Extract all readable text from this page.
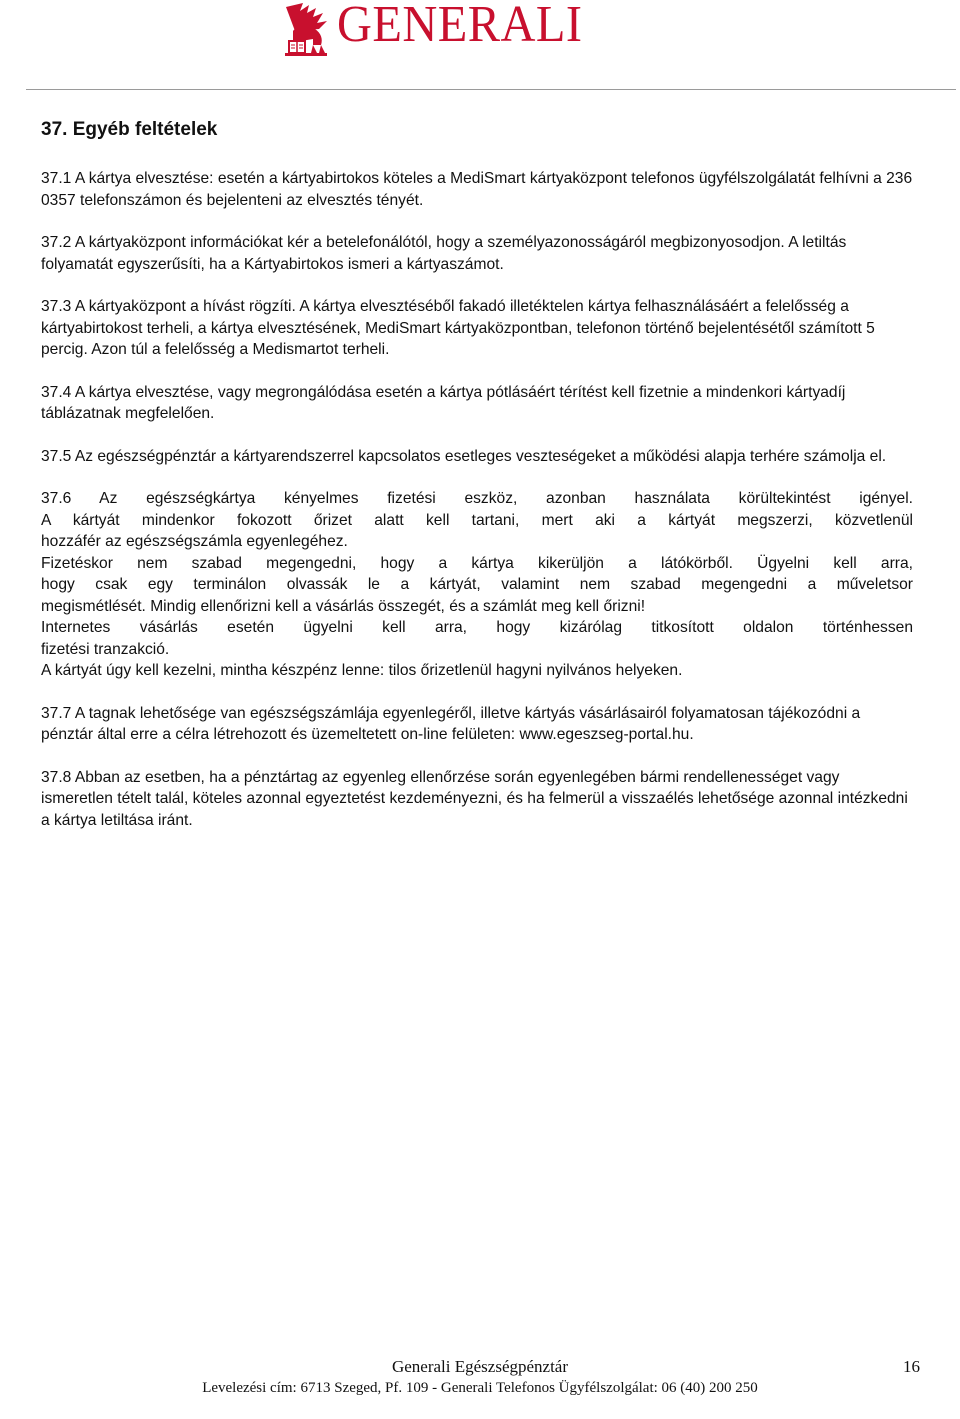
GENERALI
37. Egyéb feltételek

37.1 A kártya elvesztése: esetén a kártyabirtokos köteles a MediSmart kártyaközpont telefonos ügyfélszolgálatát felhívni a 236 0357 telefonszámon és bejelenteni az elvesztés tényét.

37.2 A kártyaközpont információkat kér a betelefonálótól, hogy a személyazonosságáról megbizonyosodjon. A letiltás folyamatát egyszerűsíti, ha a Kártyabirtokos ismeri a kártyaszámot.

37.3 A kártyaközpont a hívást rögzíti. A kártya elvesztéséből fakadó illetéktelen kártya felhasználásáért a felelősség a kártyabirtokost terheli, a kártya elvesztésének, MediSmart kártyaközpontban, telefonon történő bejelentésétől számított 5 percig. Azon túl a felelősség a Medismartot terheli.

37.4 A kártya elvesztése, vagy megrongálódása esetén a kártya pótlásáért térítést kell fizetnie a mindenkori kártyadíj táblázatnak megfelelően.

37.5 Az egészségpénztár a kártyarendszerrel kapcsolatos esetleges veszteségeket a működési alapja terhére számolja el.

37.6 Az egészségkártya kényelmes fizetési eszköz, azonban használata körültekintést igényel.
A kártyát mindenkor fokozott őrizet alatt kell tartani, mert aki a kártyát megszerzi, közvetlenül
hozzáfér az egészségszámla egyenlegéhez.
Fizetéskor nem szabad megengedni, hogy a kártya kikerüljön a látókörből. Ügyelni kell arra,
hogy csak egy terminálon olvassák le a kártyát, valamint nem szabad megengedni a műveletsor
megismétlését. Mindig ellenőrizni kell a vásárlás összegét, és a számlát meg kell őrizni!
Internetes vásárlás esetén ügyelni kell arra, hogy kizárólag titkosított oldalon történhessen
fizetési tranzakció.
A kártyát úgy kell kezelni, mintha készpénz lenne: tilos őrizetlenül hagyni nyilvános helyeken.

37.7 A tagnak lehetősége van egészségszámlája egyenlegéről, illetve kártyás vásárlásairól folyamatosan tájékozódni a pénztár által erre a célra létrehozott és üzemeltetett on-line felületen: www.egeszseg-portal.hu.

37.8 Abban az esetben, ha a pénztártag az egyenleg ellenőrzése során egyenlegében bármi rendellenességet vagy ismeretlen tételt talál, köteles azonnal egyeztetést kezdeményezni, és ha felmerül a visszaélés lehetősége azonnal intézkedni a kártya letiltása iránt.

Generali Egészségpénztár	16
Levelezési cím: 6713 Szeged, Pf. 109 - Generali Telefonos Ügyfélszolgálat: 06 (40) 200 250
